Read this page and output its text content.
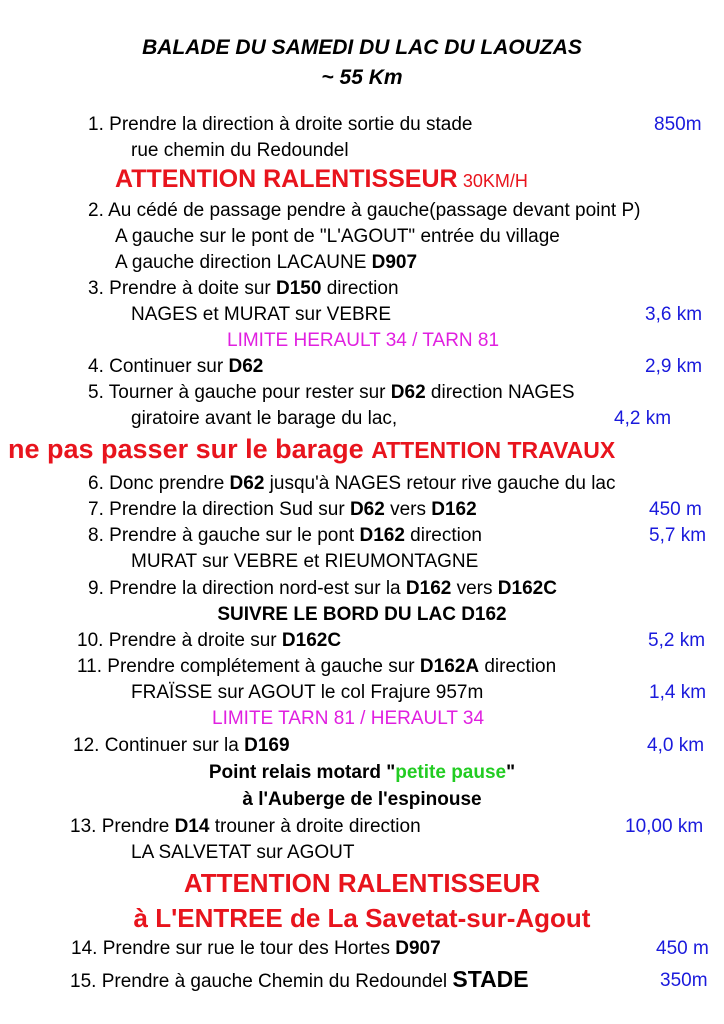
BALADE DU SAMEDI DU LAC DU LAOUZAS
~ 55 Km
1. Prendre la direction à droite sortie du stade	850m
rue chemin du Redoundel
ATTENTION RALENTISSEUR 30KM/H
2. Au cédé de passage pendre à gauche(passage devant point P)
A gauche sur le pont de "L'AGOUT" entrée du village
A gauche direction LACAUNE D907
3. Prendre à doite sur D150 direction
NAGES et MURAT sur VEBRE	3,6 km
LIMITE HERAULT 34 / TARN 81
4. Continuer sur D62	2,9 km
5. Tourner à gauche pour rester sur D62 direction NAGES
giratoire avant le barage du lac,	4,2 km
ne pas passer sur le barage ATTENTION TRAVAUX
6. Donc prendre D62 jusqu'à NAGES retour rive gauche du lac
7. Prendre la direction Sud sur D62 vers D162	450 m
8. Prendre à gauche sur le pont D162 direction	5,7 km
MURAT sur VEBRE et RIEUMONTAGNE
9. Prendre la direction nord-est sur la D162 vers D162C
SUIVRE LE BORD DU LAC D162
10. Prendre à droite sur D162C	5,2 km
11. Prendre complétement à gauche sur D162A direction
FRAÏSSE sur AGOUT le col Frajure 957m	1,4 km
LIMITE TARN 81 / HERAULT 34
12. Continuer sur la D169	4,0 km
Point relais motard "petite pause"
à l'Auberge de l'espinouse
13. Prendre D14 trouner à droite direction	10,00 km
LA SALVETAT sur AGOUT
ATTENTION RALENTISSEUR
à L'ENTREE de La Savetat-sur-Agout
14. Prendre sur rue le tour des Hortes D907	450 m
15. Prendre à gauche Chemin du Redoundel STADE	350m
